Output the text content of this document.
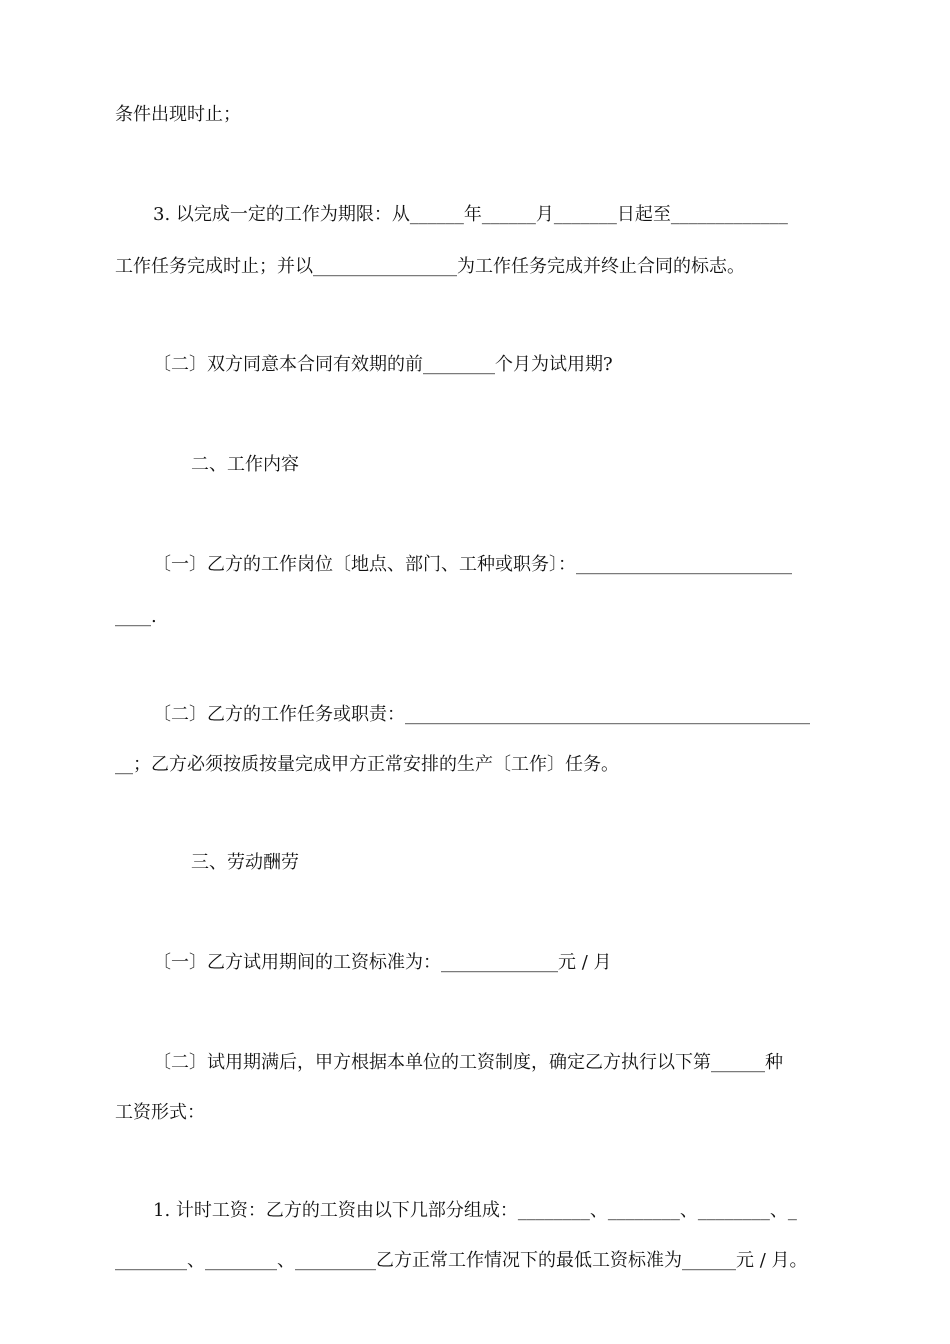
条件出现时止；
3. 以完成一定的工作为期限：从______年______月_______日起至_____________
工作任务完成时止；并以________________为工作任务完成并终止合同的标志。
〔二〕双方同意本合同有效期的前________个月为试用期?
二、工作内容
〔一〕乙方的工作岗位〔地点、部门、工种或职务〕：________________________
____.
〔二〕乙方的工作任务或职责：_____________________________________________
__；乙方必须按质按量完成甲方正常安排的生产〔工作〕任务。
三、劳动酬劳
〔一〕乙方试用期间的工资标准为：_____________元 / 月
〔二〕试用期满后，甲方根据本单位的工资制度，确定乙方执行以下第______种
工资形式：
1. 计时工资：乙方的工资由以下几部分组成：________、________、________、_
________、________、_________乙方正常工作情况下的最低工资标准为______元 / 月。
